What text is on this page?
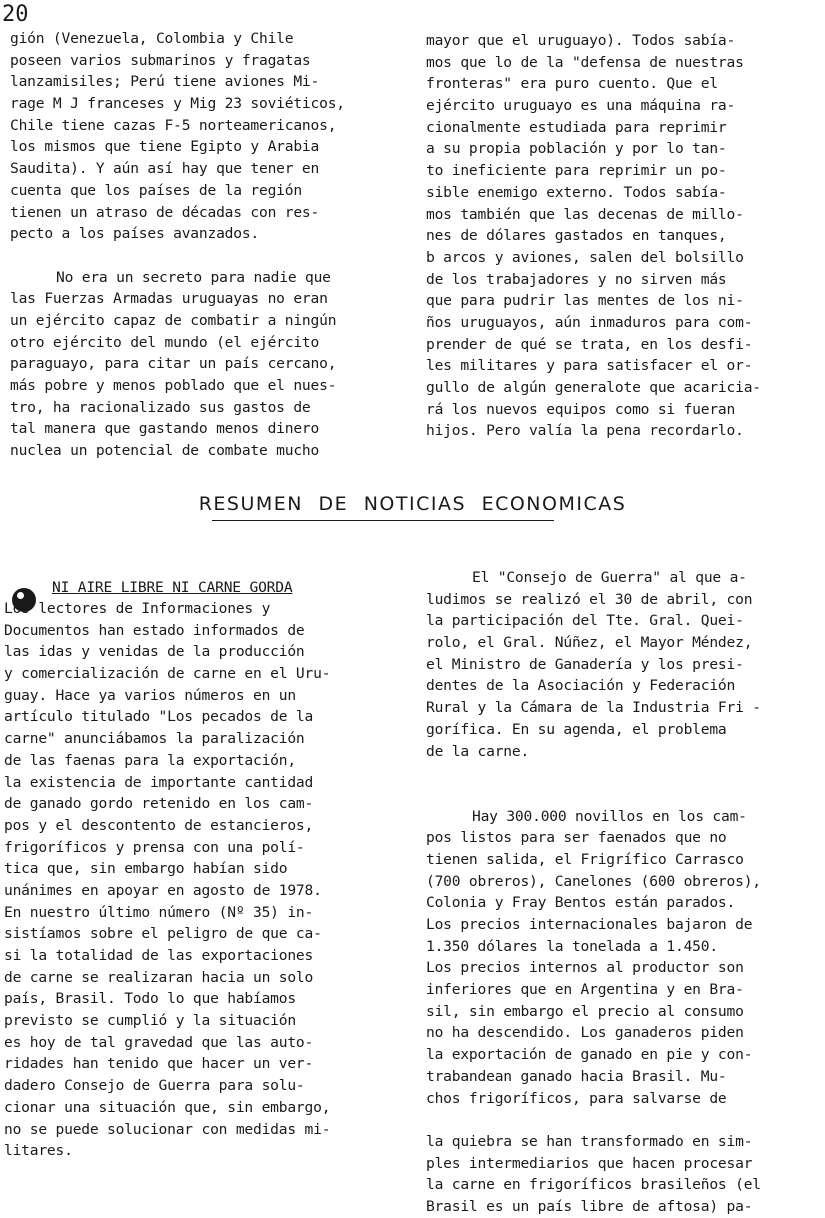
20
gión (Venezuela, Colombia y Chile
poseen varios submarinos y fragatas
lanzamisiles; Perú tiene aviones Mi-
rage M J franceses y Mig 23 soviéticos,
Chile tiene cazas F-5 norteamericanos,
los mismos que tiene Egipto y Arabia
Saudita). Y aún así hay que tener en
cuenta que los países de la región
tienen un atraso de décadas con res-
pecto a los países avanzados.
No era un secreto para nadie que
las Fuerzas Armadas uruguayas no eran
un ejército capaz de combatir a ningún
otro ejército del mundo (el ejército
paraguayo, para citar un país cercano,
más pobre y menos poblado que el nues-
tro, ha racionalizado sus gastos de
tal manera que gastando menos dinero
nuclea un potencial de combate mucho
mayor que el uruguayo). Todos sabía-
mos que lo de la "defensa de nuestras
fronteras" era puro cuento. Que el
ejército uruguayo es una máquina ra-
cionalmente estudiada para reprimir
a su propia población y por lo tan-
to ineficiente para reprimir un po-
sible enemigo externo. Todos sabía-
mos también que las decenas de millo-
nes de dólares gastados en tanques,
b arcos y aviones, salen del bolsillo
de los trabajadores y no sirven más
que para pudrir las mentes de los ni-
ños uruguayos, aún inmaduros para com-
prender de qué se trata, en los desfi-
les militares y para satisfacer el or-
gullo de algún generalote que acaricia-
rá los nuevos equipos como si fueran
hijos. Pero valía la pena recordarlo.
RESUMEN DE NOTICIAS ECONOMICAS
NI AIRE LIBRE NI CARNE GORDA
Los lectores de Informaciones y
Documentos han estado informados de
las idas y venidas de la producción
y comercialización de carne en el Uru-
guay. Hace ya varios números en un
artículo titulado "Los pecados de la
carne" anunciábamos la paralización
de las faenas para la exportación,
la existencia de importante cantidad
de ganado gordo retenido en los cam-
pos y el descontento de estancieros,
frigoríficos y prensa con una polí-
tica que, sin embargo habían sido
unánimes en apoyar en agosto de 1978.
En nuestro último número (Nº 35) in-
sistíamos sobre el peligro de que ca-
si la totalidad de las exportaciones
de carne se realizaran hacia un solo
país, Brasil. Todo lo que habíamos
previsto se cumplió y la situación
es hoy de tal gravedad que las auto-
ridades han tenido que hacer un ver-
dadero Consejo de Guerra para solu-
cionar una situación que, sin embargo,
no se puede solucionar con medidas mi-
litares.
El "Consejo de Guerra" al que a-
ludimos se realizó el 30 de abril, con
la participación del Tte. Gral. Quei-
rolo, el Gral. Núñez, el Mayor Méndez,
el Ministro de Ganadería y los presi-
dentes de la Asociación y Federación
Rural y la Cámara de la Industria Fri -
gorífica. En su agenda, el problema
de la carne.
Hay 300.000 novillos en los cam-
pos listos para ser faenados que no
tienen salida, el Frigrífico Carrasco
(700 obreros), Canelones (600 obreros),
Colonia y Fray Bentos están parados.
Los precios internacionales bajaron de
1.350 dólares la tonelada a 1.450.
Los precios internos al productor son
inferiores que en Argentina y en Bra-
sil, sin embargo el precio al consumo
no ha descendido. Los ganaderos piden
la exportación de ganado en pie y con-
trabandean ganado hacia Brasil. Mu-
chos frigoríficos, para salvarse de
la quiebra se han transformado en sim-
ples intermediarios que hacen procesar
la carne en frigoríficos brasileños (el
Brasil es un país libre de aftosa) pa-
